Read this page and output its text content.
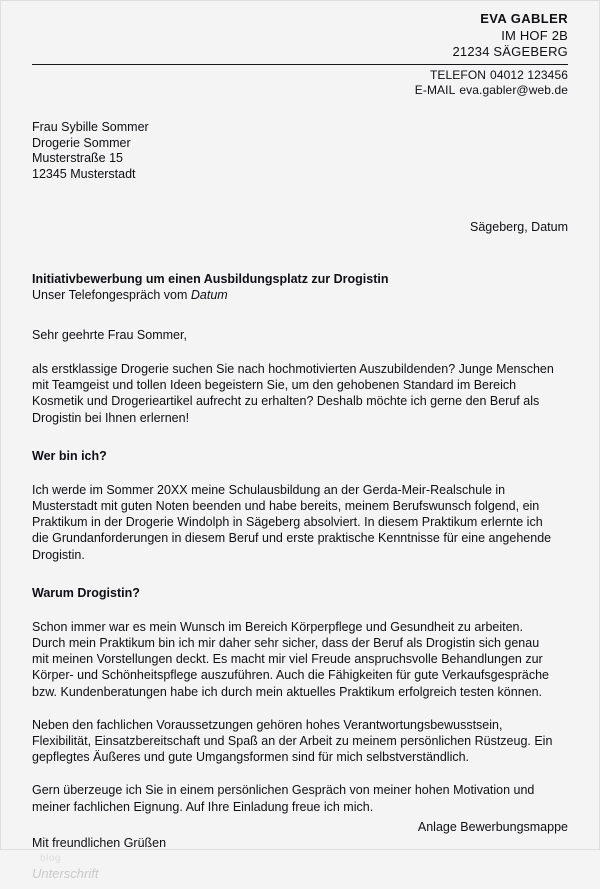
EVA GABLER
IM HOF 2B
21234 SÄGEBERG
TELEFON 04012 123456
E-MAIL eva.gabler@web.de
Frau Sybille Sommer
Drogerie Sommer
Musterstraße 15
12345 Musterstadt
Sägeberg, Datum
Initiativbewerbung um einen Ausbildungsplatz zur Drogistin
Unser Telefongespräch vom Datum
Sehr geehrte Frau Sommer,

als erstklassige Drogerie suchen Sie nach hochmotivierten Auszubildenden? Junge Menschen mit Teamgeist und tollen Ideen begeistern Sie, um den gehobenen Standard im Bereich Kosmetik und Drogerieartikel aufrecht zu erhalten? Deshalb möchte ich gerne den Beruf als Drogistin bei Ihnen erlernen!

Wer bin ich?

Ich werde im Sommer 20XX meine Schulausbildung an der Gerda-Meir-Realschule in Musterstadt mit guten Noten beenden und habe bereits, meinem Berufswunsch folgend, ein Praktikum in der Drogerie Windolph in Sägeberg absolviert. In diesem Praktikum erlernte ich die Grundanforderungen in diesem Beruf und erste praktische Kenntnisse für eine angehende Drogistin.

Warum Drogistin?

Schon immer war es mein Wunsch im Bereich Körperpflege und Gesundheit zu arbeiten. Durch mein Praktikum bin ich mir daher sehr sicher, dass der Beruf als Drogistin sich genau mit meinen Vorstellungen deckt. Es macht mir viel Freude anspruchsvolle Behandlungen zur Körper- und Schönheitspflege auszuführen. Auch die Fähigkeiten für gute Verkaufsgespräche bzw. Kundenberatungen habe ich durch mein aktuelles Praktikum erfolgreich testen können.

Neben den fachlichen Voraussetzungen gehören hohes Verantwortungsbewusstsein, Flexibilität, Einsatzbereitschaft und Spaß an der Arbeit zu meinem persönlichen Rüstzeug. Ein gepflegtes Äußeres und gute Umgangsformen sind für mich selbstverständlich.

Gern überzeuge ich Sie in einem persönlichen Gespräch von meiner hohen Motivation und meiner fachlichen Eignung. Auf Ihre Einladung freue ich mich.

Mit freundlichen Grüßen
blog
Unterschrift
Anlage Bewerbungsmappe
